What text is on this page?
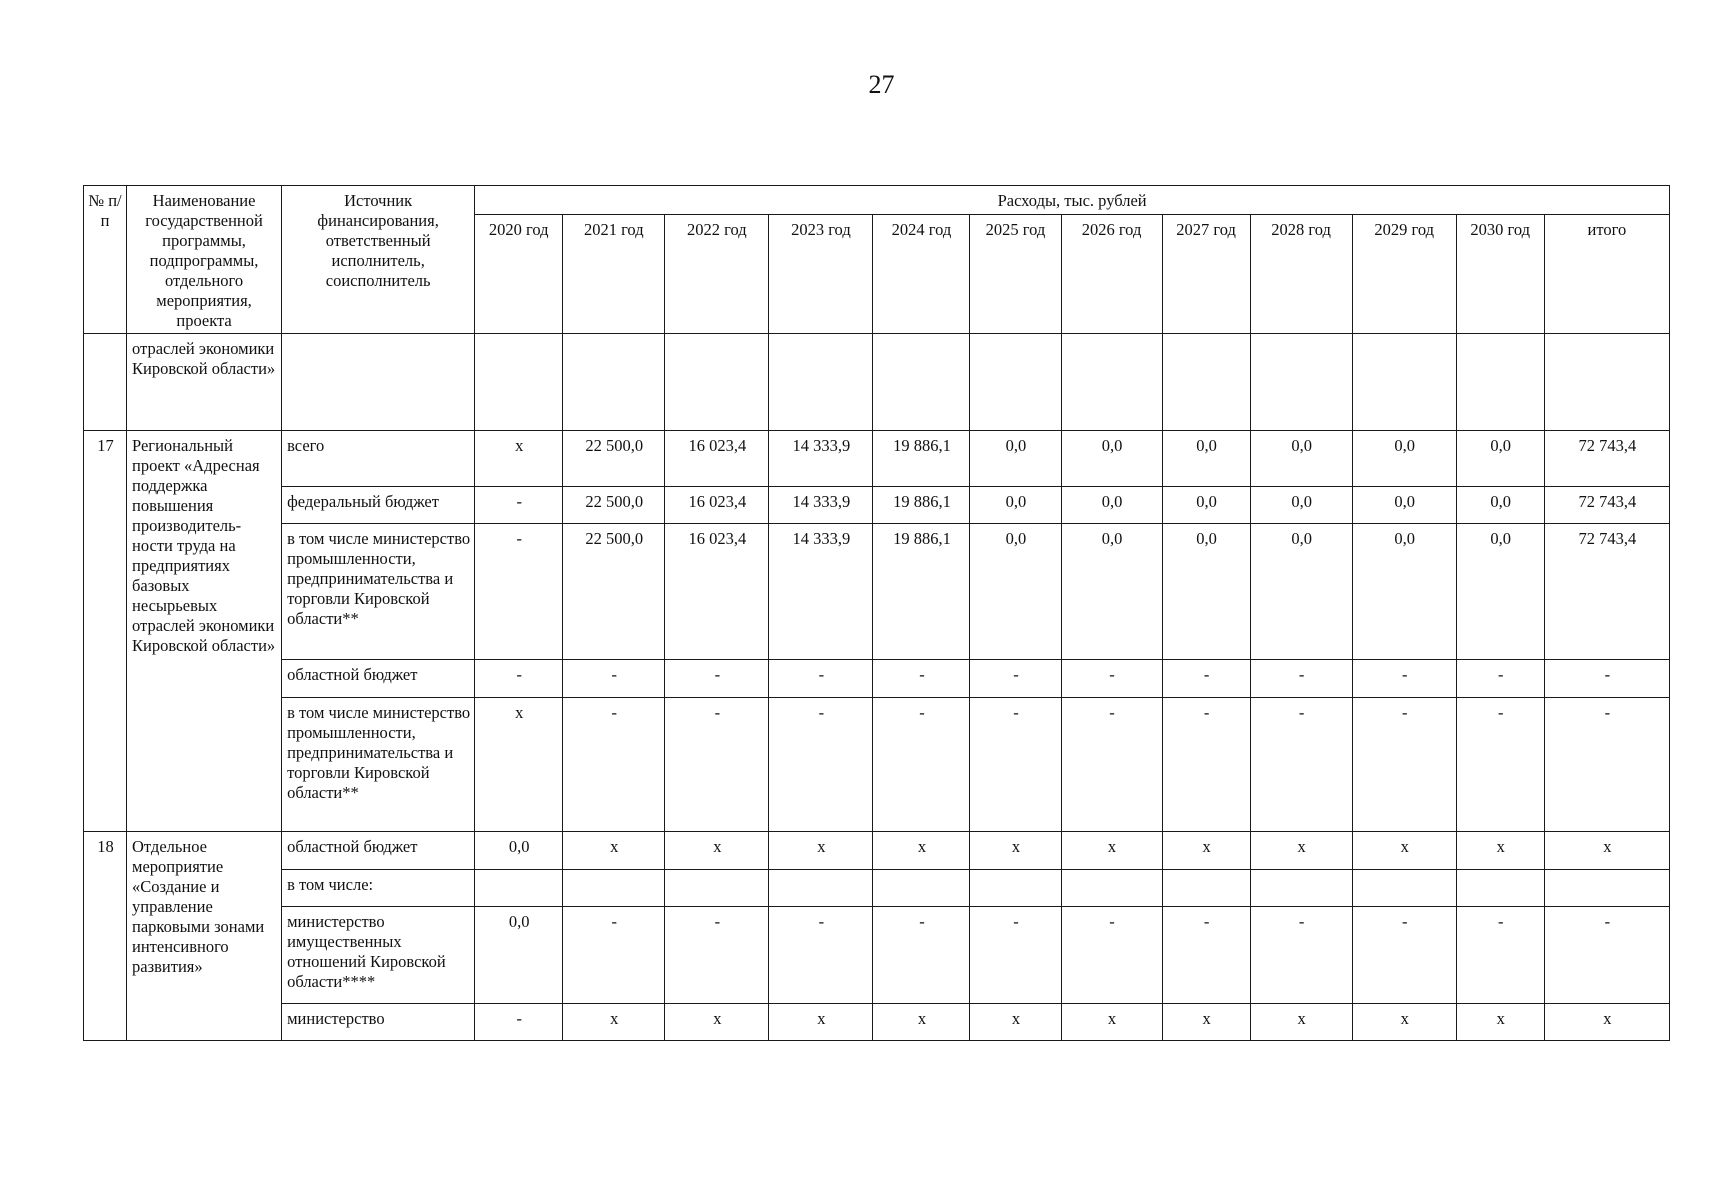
27
№ п/п	Наименование государственной программы, подпрограммы, отдельного мероприятия, проекта	Источник финансирования, ответственный исполнитель, соисполнитель	Расходы, тыс. рублей											
			2020 год	2021 год	2022 год	2023 год	2024 год	2025 год	2026 год	2027 год	2028 год	2029 год	2030 год	итого
	отраслей экономики Кировской области»													
17	Региональный проект «Адресная поддержка повышения производитель-ности труда на предприятиях базовых несырьевых отраслей экономики Кировской области»	всего	x	22 500,0	16 023,4	14 333,9	19 886,1	0,0	0,0	0,0	0,0	0,0	0,0	72 743,4
		федеральный бюджет	-	22 500,0	16 023,4	14 333,9	19 886,1	0,0	0,0	0,0	0,0	0,0	0,0	72 743,4
		в том числе министерство промышленности, предпринимательства и торговли Кировской области**	-	22 500,0	16 023,4	14 333,9	19 886,1	0,0	0,0	0,0	0,0	0,0	0,0	72 743,4
		областной бюджет	-	-	-	-	-	-	-	-	-	-	-	-
		в том числе министерство промышленности, предпринимательства и торговли Кировской области**	x	-	-	-	-	-	-	-	-	-	-	-
18	Отдельное мероприятие «Создание и управление парковыми зонами интенсивного развития»	областной бюджет	0,0	x	x	x	x	x	x	x	x	x	x	x
		в том числе:												
		министерство имущественных отношений Кировской области****	0,0	-	-	-	-	-	-	-	-	-	-	-
		министерство	-	x	x	x	x	x	x	x	x	x	x	x
